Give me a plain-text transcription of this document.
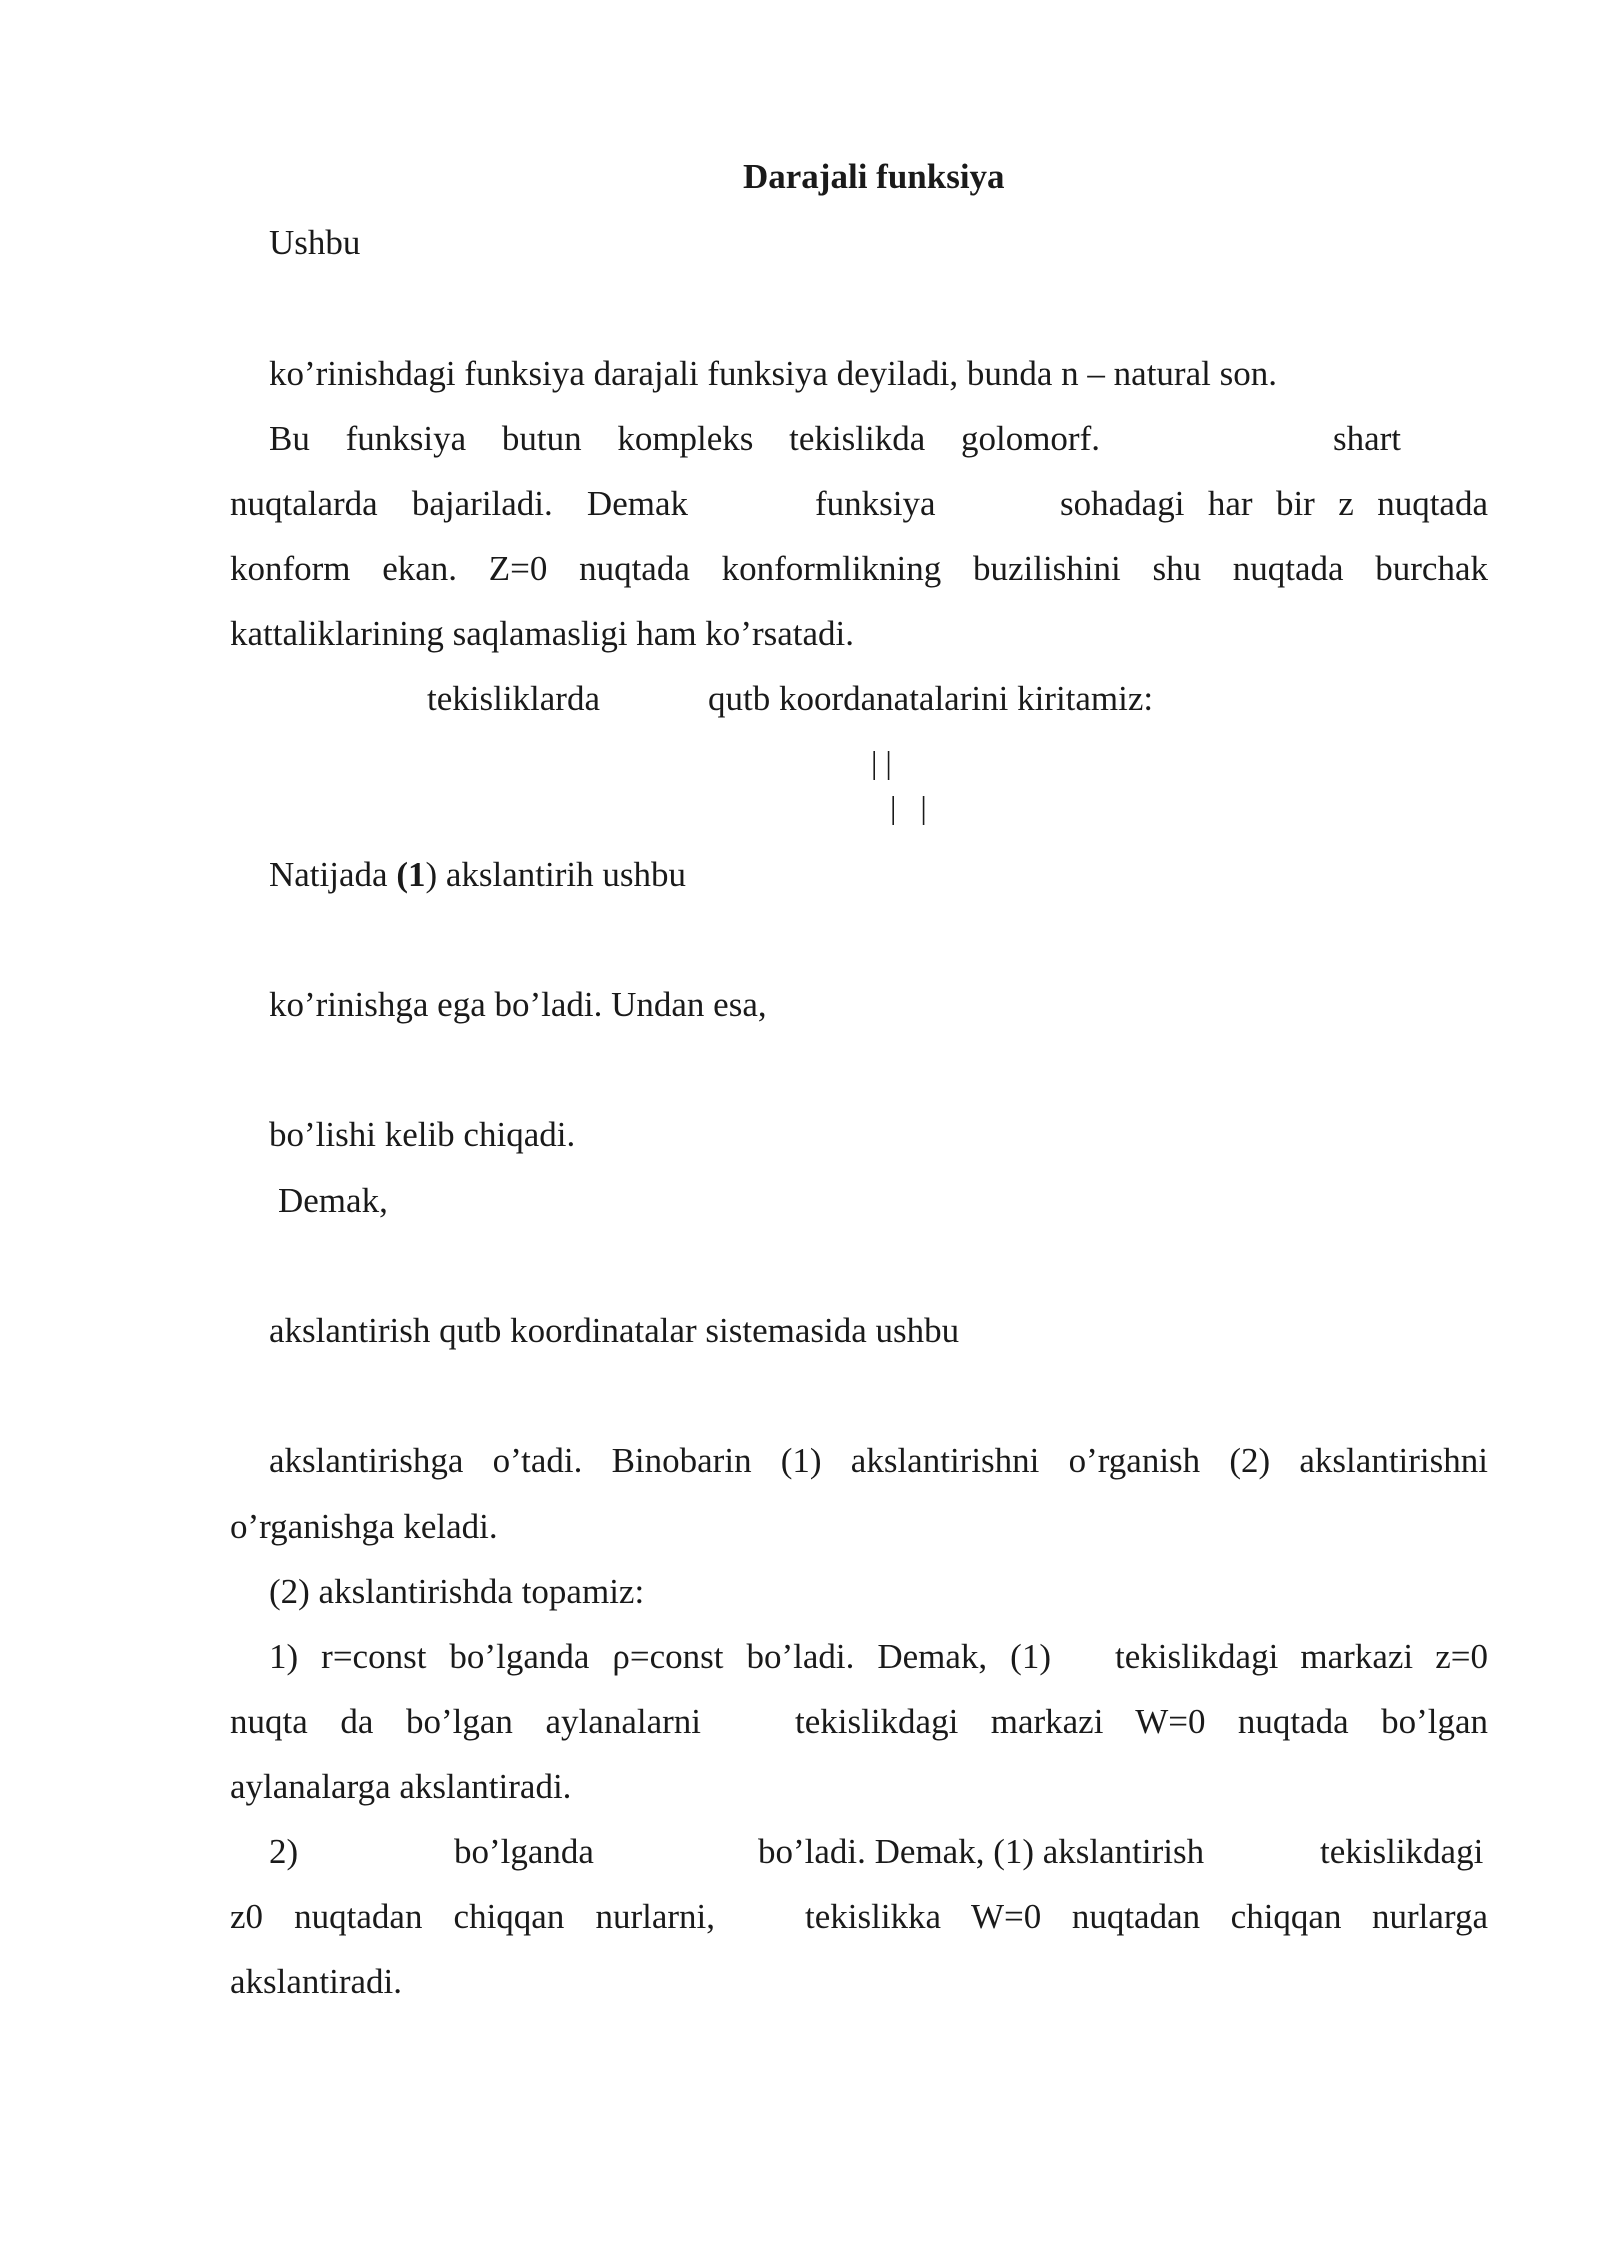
Darajali funksiya
Ushbu
ko’rinishdagi funksiya darajali funksiya deyiladi, bunda n – natural son.
Bu funksiya butun kompleks tekislikda golomorf.	shart
nuqtalarda bajariladi. Demak	funksiya	sohadagi har bir z nuqtada
konform ekan. Z=0 nuqtada konformlikning buzilishini shu nuqtada burchak
kattaliklarining saqlamasligi ham ko’rsatadi.
tekisliklarda	qutb koordanatalarini kiritamiz:
| |
|   |
Natijada (1) akslantirih ushbu
ko’rinishga ega bo’ladi. Undan esa,
bo’lishi kelib chiqadi.
Demak,
akslantirish qutb koordinatalar sistemasida ushbu
akslantirishga o’tadi. Binobarin (1) akslantirishni o’rganish (2) akslantirishni
o’rganishga keladi.
(2) akslantirishda topamiz:
1) r=const bo’lganda ρ=const bo’ladi. Demak, (1) tekislikdagi markazi z=0
nuqta da bo’lgan aylanalarni	tekislikdagi markazi W=0 nuqtada bo’lgan
aylanalarga akslantiradi.
2)	bo’lganda	bo’ladi. Demak, (1) akslantirish	tekislikdagi
z0 nuqtadan chiqqan nurlarni,	tekislikka W=0 nuqtadan chiqqan nurlarga
akslantiradi.
